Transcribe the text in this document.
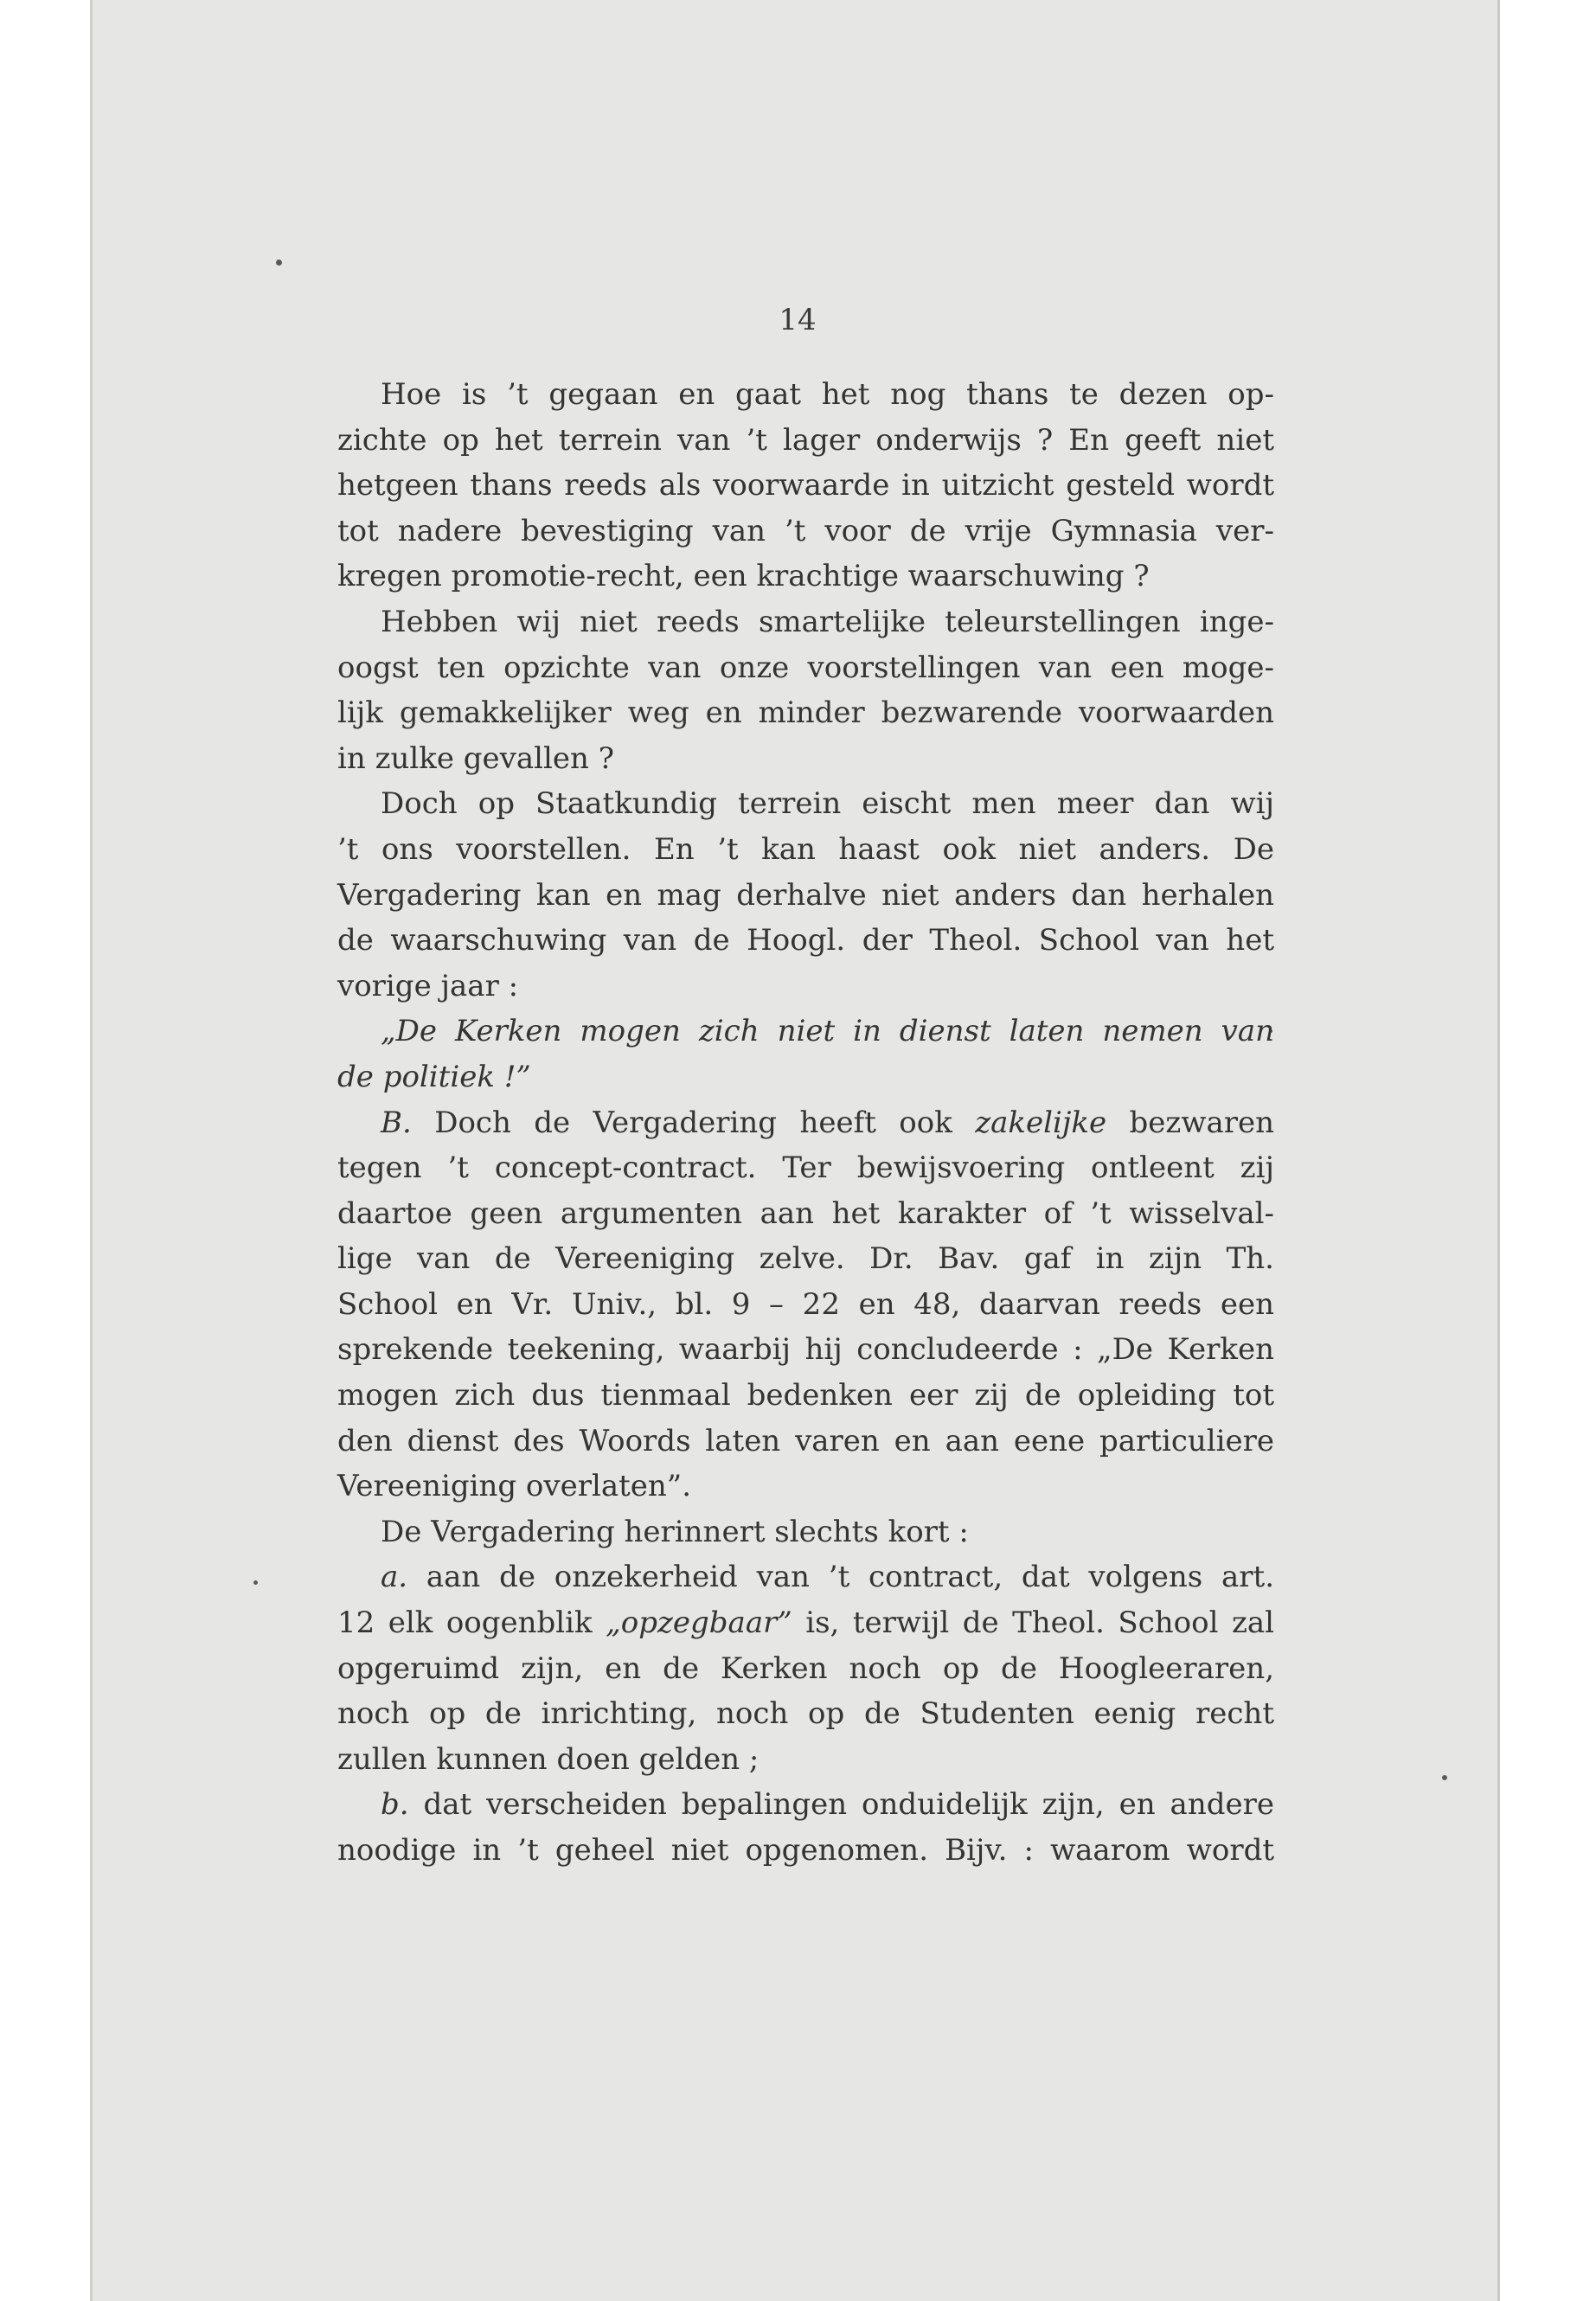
14
Hoe is ’t gegaan en gaat het nog thans te dezen op-
zichte op het terrein van ’t lager onderwijs ? En geeft niet
hetgeen thans reeds als voorwaarde in uitzicht gesteld wordt
tot nadere bevestiging van ’t voor de vrije Gymnasia ver-
kregen promotie-recht, een krachtige waarschuwing ?
Hebben wij niet reeds smartelijke teleurstellingen inge-
oogst ten opzichte van onze voorstellingen van een moge-
lijk gemakkelijker weg en minder bezwarende voorwaarden
in zulke gevallen ?
Doch op Staatkundig terrein eischt men meer dan wij
’t ons voorstellen. En ’t kan haast ook niet anders. De
Vergadering kan en mag derhalve niet anders dan herhalen
de waarschuwing van de Hoogl. der Theol. School van het
vorige jaar :
„De Kerken mogen zich niet in dienst laten nemen van
de politiek !”
B. Doch de Vergadering heeft ook zakelijke bezwaren
tegen ’t concept-contract. Ter bewijsvoering ontleent zij
daartoe geen argumenten aan het karakter of ’t wisselval-
lige van de Vereeniging zelve. Dr. Bav. gaf in zijn Th.
School en Vr. Univ., bl. 9 – 22 en 48, daarvan reeds een
sprekende teekening, waarbij hij concludeerde : „De Kerken
mogen zich dus tienmaal bedenken eer zij de opleiding tot
den dienst des Woords laten varen en aan eene particuliere
Vereeniging overlaten”.
De Vergadering herinnert slechts kort :
a. aan de onzekerheid van ’t contract, dat volgens art.
12 elk oogenblik „opzegbaar” is, terwijl de Theol. School zal
opgeruimd zijn, en de Kerken noch op de Hoogleeraren,
noch op de inrichting, noch op de Studenten eenig recht
zullen kunnen doen gelden ;
b. dat verscheiden bepalingen onduidelijk zijn, en andere
noodige in ’t geheel niet opgenomen. Bijv. : waarom wordt
